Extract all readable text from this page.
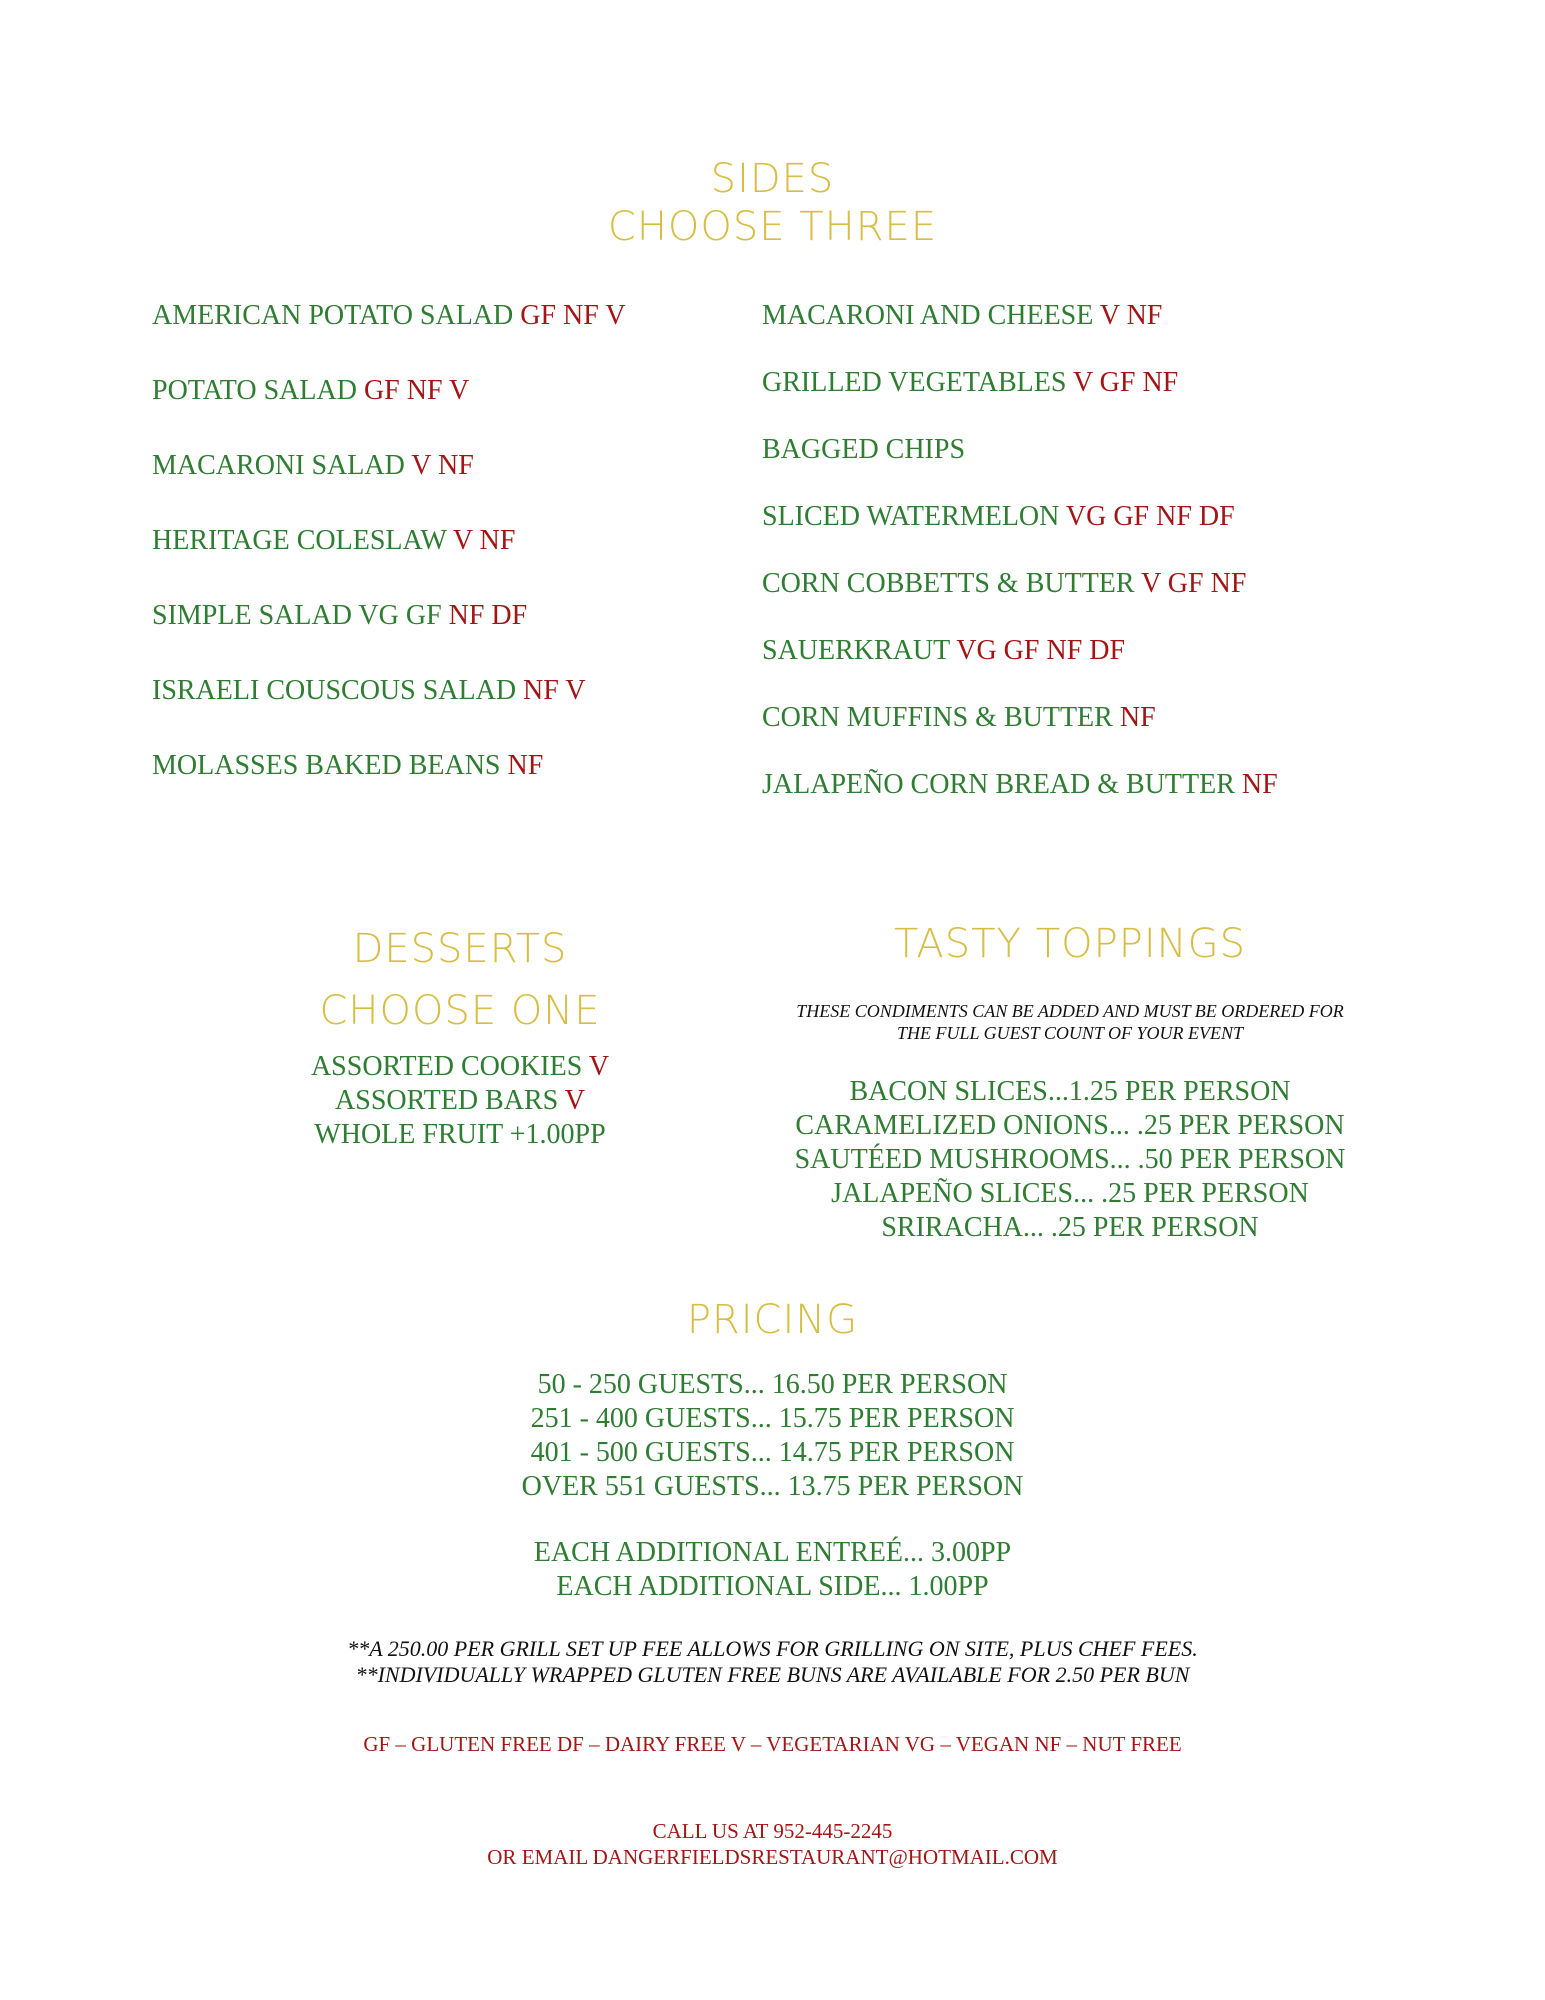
SIDES
CHOOSE THREE
AMERICAN POTATO SALAD GF NF V
POTATO SALAD GF NF V
MACARONI SALAD V NF
HERITAGE COLESLAW V NF
SIMPLE SALAD VG GF NF DF
ISRAELI COUSCOUS SALAD NF V
MOLASSES BAKED BEANS NF
MACARONI AND CHEESE V NF
GRILLED VEGETABLES V GF NF
BAGGED CHIPS
SLICED WATERMELON VG GF NF DF
CORN COBBETTS & BUTTER V GF NF
SAUERKRAUT VG GF NF DF
CORN MUFFINS & BUTTER NF
JALAPEÑO CORN BREAD & BUTTER NF
DESSERTS
CHOOSE ONE
ASSORTED COOKIES V
ASSORTED BARS V
WHOLE FRUIT +1.00PP
TASTY TOPPINGS
THESE CONDIMENTS CAN BE ADDED AND MUST BE ORDERED FOR
THE FULL GUEST COUNT OF YOUR EVENT
BACON SLICES...1.25 PER PERSON
CARAMELIZED ONIONS... .25 PER PERSON
SAUTÉED MUSHROOMS... .50 PER PERSON
JALAPEÑO SLICES... .25 PER PERSON
SRIRACHA... .25 PER PERSON
PRICING
50 - 250 GUESTS... 16.50 PER PERSON
251 - 400 GUESTS... 15.75 PER PERSON
401 - 500 GUESTS... 14.75 PER PERSON
OVER 551 GUESTS... 13.75 PER PERSON
EACH ADDITIONAL ENTREÉ... 3.00PP
EACH ADDITIONAL SIDE... 1.00PP
**A 250.00 PER GRILL SET UP FEE ALLOWS FOR GRILLING ON SITE, PLUS CHEF FEES.
**INDIVIDUALLY WRAPPED GLUTEN FREE BUNS ARE AVAILABLE FOR 2.50 PER BUN
GF – GLUTEN FREE DF – DAIRY FREE V – VEGETARIAN VG – VEGAN NF – NUT FREE
CALL US AT 952-445-2245
OR EMAIL DANGERFIELDSRESTAURANT@HOTMAIL.COM
